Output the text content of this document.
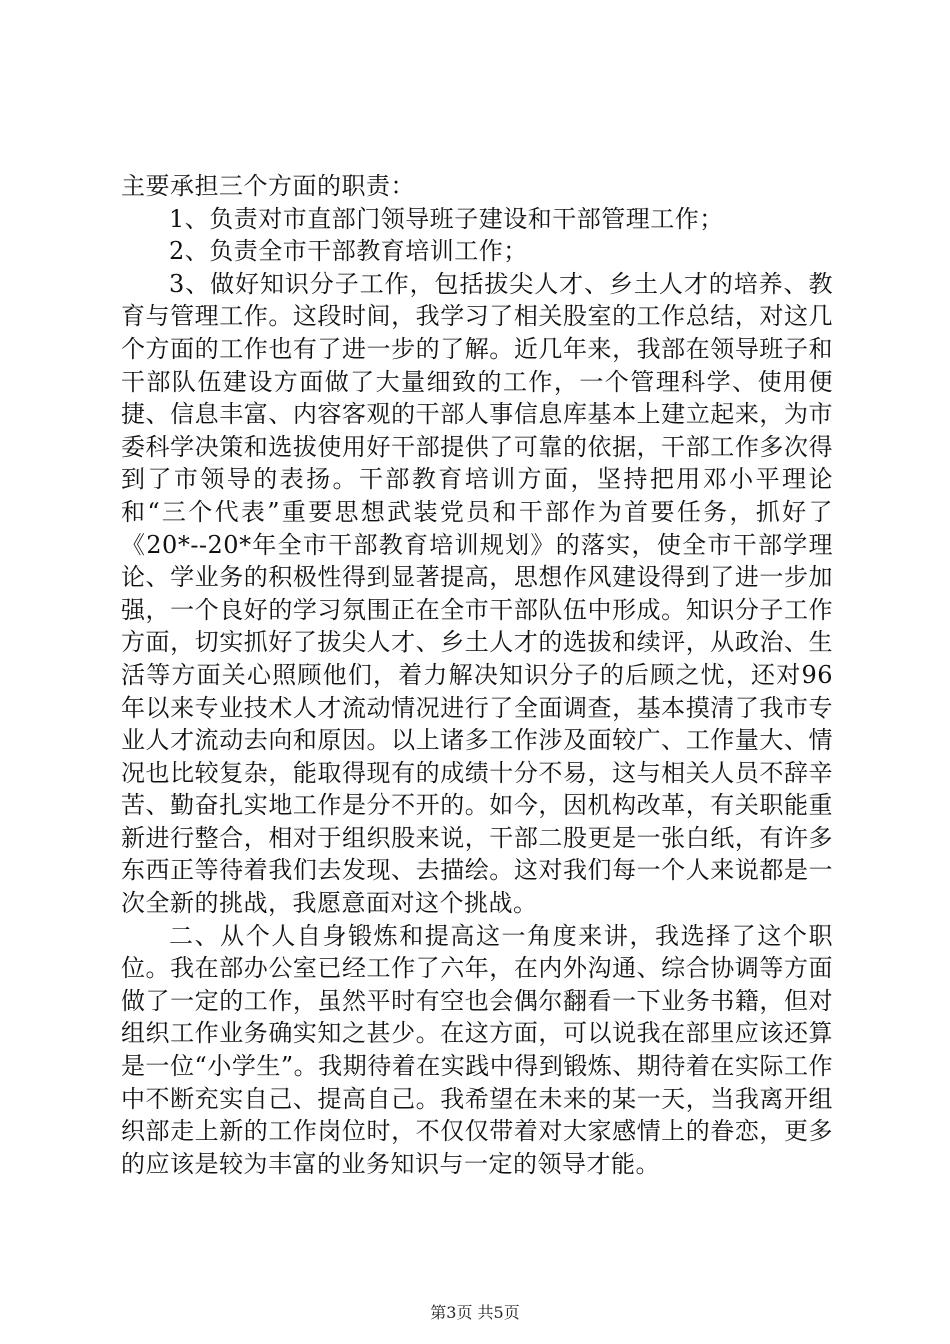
主要承担三个方面的职责：

1、负责对市直部门领导班子建设和干部管理工作；

2、负责全市干部教育培训工作；

3、做好知识分子工作，包括拔尖人才、乡土人才的培养、教育与管理工作。这段时间，我学习了相关股室的工作总结，对这几个方面的工作也有了进一步的了解。近几年来，我部在领导班子和干部队伍建设方面做了大量细致的工作，一个管理科学、使用便捷、信息丰富、内容客观的干部人事信息库基本上建立起来，为市委科学决策和选拔使用好干部提供了可靠的依据，干部工作多次得到了市领导的表扬。干部教育培训方面，坚持把用邓小平理论和“三个代表”重要思想武装党员和干部作为首要任务，抓好了《20*--20*年全市干部教育培训规划》的落实，使全市干部学理论、学业务的积极性得到显著提高，思想作风建设得到了进一步加强，一个良好的学习氛围正在全市干部队伍中形成。知识分子工作方面，切实抓好了拔尖人才、乡土人才的选拔和续评，从政治、生活等方面关心照顾他们，着力解决知识分子的后顾之忧，还对96年以来专业技术人才流动情况进行了全面调查，基本摸清了我市专业人才流动去向和原因。以上诸多工作涉及面较广、工作量大、情况也比较复杂，能取得现有的成绩十分不易，这与相关人员不辞辛苦、勤奋扎实地工作是分不开的。如今，因机构改革，有关职能重新进行整合，相对于组织股来说，干部二股更是一张白纸，有许多东西正等待着我们去发现、去描绘。这对我们每一个人来说都是一次全新的挑战，我愿意面对这个挑战。

二、从个人自身锻炼和提高这一角度来讲，我选择了这个职位。我在部办公室已经工作了六年，在内外沟通、综合协调等方面做了一定的工作，虽然平时有空也会偶尔翻看一下业务书籍，但对组织工作业务确实知之甚少。在这方面，可以说我在部里应该还算是一位“小学生”。我期待着在实践中得到锻炼、期待着在实际工作中不断充实自己、提高自己。我希望在未来的某一天，当我离开组织部走上新的工作岗位时，不仅仅带着对大家感情上的眷恋，更多的应该是较为丰富的业务知识与一定的领导才能。

第3页 共5页
